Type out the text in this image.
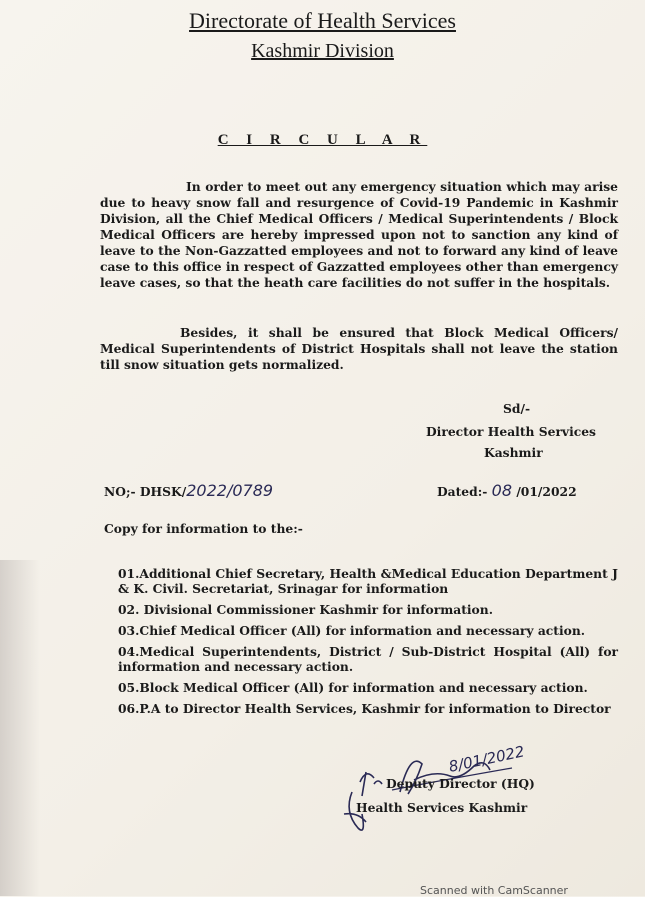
Directorate of Health Services
Kashmir Division
C I R C U L A R
In order to meet out any emergency situation which may arise due to heavy snow fall and resurgence of Covid-19 Pandemic in Kashmir Division, all the Chief Medical Officers / Medical Superintendents / Block Medical Officers are hereby impressed upon not to sanction any kind of leave to the Non-Gazzatted employees and not to forward any kind of leave case to this office in respect of Gazzatted employees other than emergency leave cases, so that the heath care facilities do not suffer in the hospitals.
Besides, it shall be ensured that Block Medical Officers/ Medical Superintendents of District Hospitals shall not leave the station till snow situation gets normalized.
Sd/-
Director Health Services
Kashmir
NO;- DHSK/2022/0789	Dated:- 08 /01/2022
Copy for information to the:-
01.Additional Chief Secretary, Health &Medical Education Department J & K. Civil. Secretariat, Srinagar for information
02. Divisional Commissioner Kashmir for information.
03.Chief Medical Officer (All) for information and necessary action.
04.Medical Superintendents, District / Sub-District Hospital (All) for information and necessary action.
05.Block Medical Officer (All) for information and necessary action.
06.P.A to Director Health Services, Kashmir for information to Director
8/01/2022
Deputy Director (HQ)
Health Services Kashmir
Scanned with CamScanner
